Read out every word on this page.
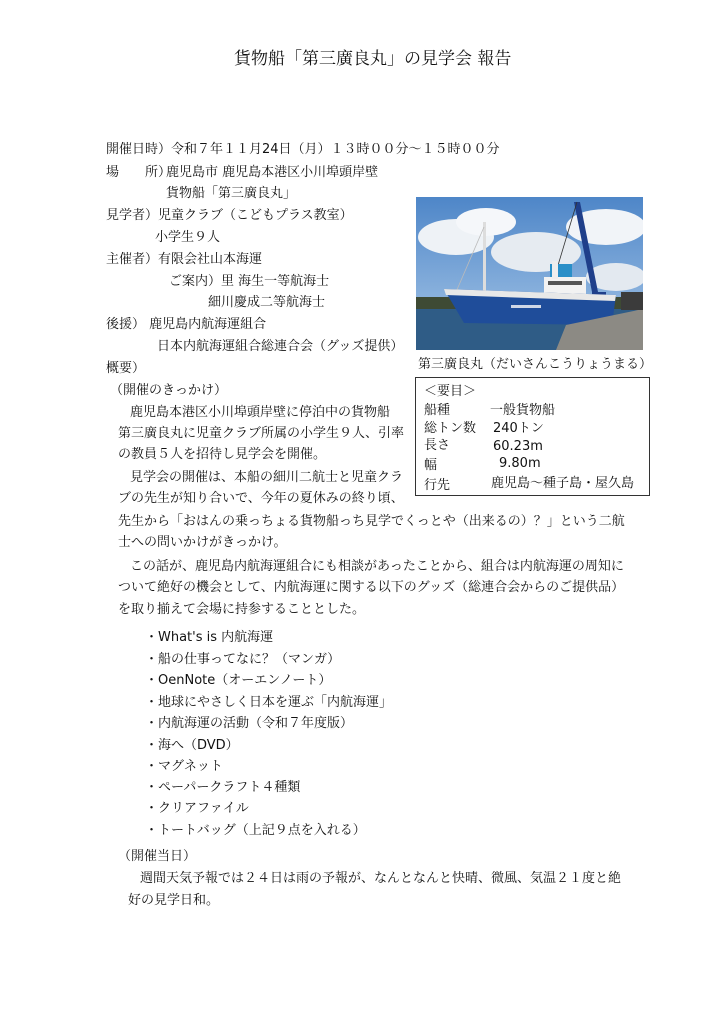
貨物船「第三廣良丸」の見学会 報告
開催日時）令和７年１１月24日（月）１３時００分～１５時００分
場　　所）
鹿児島市 鹿児島本港区小川埠頭岸壁
貨物船「第三廣良丸」
見学者）児童クラブ（こどもプラス教室）
小学生９人
主催者）有限会社山本海運
ご案内）里 海生一等航海士
細川慶成二等航海士
後援） 鹿児島内航海運組合
日本内航海運組合総連合会（グッズ提供）
第三廣良丸（だいさんこうりょうまる）
＜要目＞
船種	一般貨物船
総トン数 240トン
長さ	60.23m
幅	9.80m
行先	鹿児島～種子島・屋久島
概要）
（開催のきっかけ）
鹿児島本港区小川埠頭岸壁に停泊中の貨物船
第三廣良丸に児童クラブ所属の小学生９人、引率
の教員５人を招待し見学会を開催。
見学会の開催は、本船の細川二航士と児童クラ
ブの先生が知り合いで、今年の夏休みの終り頃、
先生から「おはんの乗っちょる貨物船っち見学でくっとや（出来るの）？」という二航
士への問いかけがきっかけ。
この話が、鹿児島内航海運組合にも相談があったことから、組合は内航海運の周知に
ついて絶好の機会として、内航海運に関する以下のグッズ（総連合会からのご提供品）
を取り揃えて会場に持参することとした。
・What's is 内航海運
・船の仕事ってなに？（マンガ）
・OenNote（オーエンノート）
・地球にやさしく日本を運ぶ「内航海運」
・内航海運の活動（令和７年度版）
・海へ（DVD）
・マグネット
・ペーパークラフト４種類
・クリアファイル
・トートバッグ（上記９点を入れる）
（開催当日）
週間天気予報では２４日は雨の予報が、なんとなんと快晴、微風、気温２１度と絶
好の見学日和。
